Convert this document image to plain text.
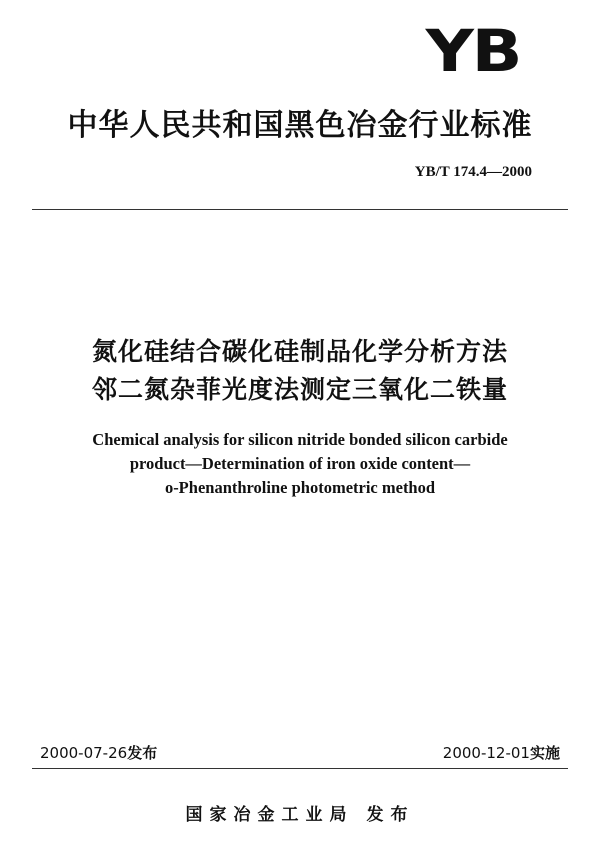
YB
中华人民共和国黑色冶金行业标准
YB/T 174.4—2000
氮化硅结合碳化硅制品化学分析方法
邻二氮杂菲光度法测定三氧化二铁量
Chemical analysis for silicon nitride bonded silicon carbide
product—Determination of iron oxide content—
o-Phenanthroline photometric method
2000-07-26发布	2000-12-01实施
国家冶金工业局 发布
